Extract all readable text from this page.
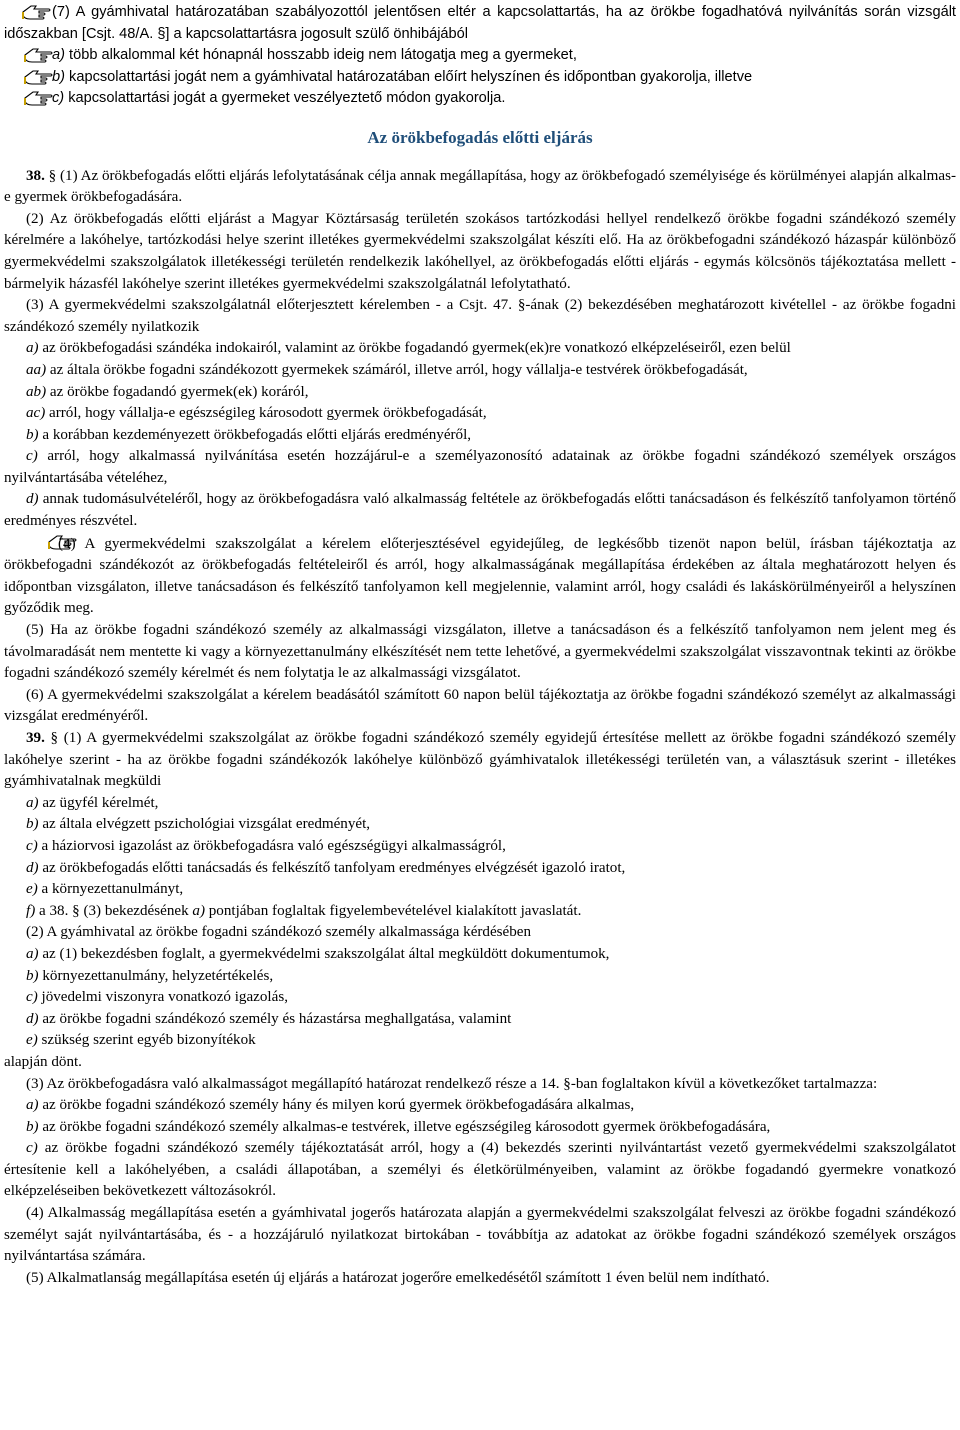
(7) A gyámhivatal határozatában szabályozottól jelentősen eltér a kapcsolattartás, ha az örökbe fogadhatóvá nyilvánítás során vizsgált időszakban [Csjt. 48/A. §] a kapcsolattartásra jogosult szülő önhibájából

a) több alkalommal két hónapnál hosszabb ideig nem látogatja meg a gyermeket,

b) kapcsolattartási jogát nem a gyámhivatal határozatában előírt helyszínen és időpontban gyakorolja, illetve

c) kapcsolattartási jogát a gyermeket veszélyeztető módon gyakorolja.

Az örökbefogadás előtti eljárás

38. § (1) Az örökbefogadás előtti eljárás lefolytatásának célja annak megállapítása, hogy az örökbefogadó személyisége és körülményei alapján alkalmas-e gyermek örökbefogadására.

(2) Az örökbefogadás előtti eljárást a Magyar Köztársaság területén szokásos tartózkodási hellyel rendelkező örökbe fogadni szándékozó személy kérelmére a lakóhelye, tartózkodási helye szerint illetékes gyermekvédelmi szakszolgálat készíti elő. Ha az örökbefogadni szándékozó házaspár különböző gyermekvédelmi szakszolgálatok illetékességi területén rendelkezik lakóhellyel, az örökbefogadás előtti eljárás - egymás kölcsönös tájékoztatása mellett - bármelyik házasfél lakóhelye szerint illetékes gyermekvédelmi szakszolgálatnál lefolytatható.

(3) A gyermekvédelmi szakszolgálatnál előterjesztett kérelemben - a Csjt. 47. §-ának (2) bekezdésében meghatározott kivétellel - az örökbe fogadni szándékozó személy nyilatkozik

a) az örökbefogadási szándéka indokairól, valamint az örökbe fogadandó gyermek(ek)re vonatkozó elképzeléseiről, ezen belül

aa) az általa örökbe fogadni szándékozott gyermekek számáról, illetve arról, hogy vállalja-e testvérek örökbefogadását,

ab) az örökbe fogadandó gyermek(ek) koráról,

ac) arról, hogy vállalja-e egészségileg károsodott gyermek örökbefogadását,

b) a korábban kezdeményezett örökbefogadás előtti eljárás eredményéről,

c) arról, hogy alkalmassá nyilvánítása esetén hozzájárul-e a személyazonosító adatainak az örökbe fogadni szándékozó személyek országos nyilvántartásába vételéhez,

d) annak tudomásulvételéről, hogy az örökbefogadásra való alkalmasság feltétele az örökbefogadás előtti tanácsadáson és felkészítő tanfolyamon történő eredményes részvétel.

(4) A gyermekvédelmi szakszolgálat a kérelem előterjesztésével egyidejűleg, de legkésőbb tizenöt napon belül, írásban tájékoztatja az örökbefogadni szándékozót az örökbefogadás feltételeiről és arról, hogy alkalmasságának megállapítása érdekében az általa meghatározott helyen és időpontban vizsgálaton, illetve tanácsadáson és felkészítő tanfolyamon kell megjelennie, valamint arról, hogy családi és lakáskörülményeiről a helyszínen győződik meg.

(5) Ha az örökbe fogadni szándékozó személy az alkalmassági vizsgálaton, illetve a tanácsadáson és a felkészítő tanfolyamon nem jelent meg és távolmaradását nem mentette ki vagy a környezettanulmány elkészítését nem tette lehetővé, a gyermekvédelmi szakszolgálat visszavontnak tekinti az örökbe fogadni szándékozó személy kérelmét és nem folytatja le az alkalmassági vizsgálatot.

(6) A gyermekvédelmi szakszolgálat a kérelem beadásától számított 60 napon belül tájékoztatja az örökbe fogadni szándékozó személyt az alkalmassági vizsgálat eredményéről.

39. § (1) A gyermekvédelmi szakszolgálat az örökbe fogadni szándékozó személy egyidejű értesítése mellett az örökbe fogadni szándékozó személy lakóhelye szerint - ha az örökbe fogadni szándékozók lakóhelye különböző gyámhivatalok illetékességi területén van, a választásuk szerint - illetékes gyámhivatalnak megküldi

a) az ügyfél kérelmét,

b) az általa elvégzett pszichológiai vizsgálat eredményét,

c) a háziorvosi igazolást az örökbefogadásra való egészségügyi alkalmasságról,

d) az örökbefogadás előtti tanácsadás és felkészítő tanfolyam eredményes elvégzését igazoló iratot,

e) a környezettanulmányt,

f) a 38. § (3) bekezdésének a) pontjában foglaltak figyelembevételével kialakított javaslatát.

(2) A gyámhivatal az örökbe fogadni szándékozó személy alkalmassága kérdésében

a) az (1) bekezdésben foglalt, a gyermekvédelmi szakszolgálat által megküldött dokumentumok,

b) környezettanulmány, helyzetértékelés,

c) jövedelmi viszonyra vonatkozó igazolás,

d) az örökbe fogadni szándékozó személy és házastársa meghallgatása, valamint

e) szükség szerint egyéb bizonyítékok

alapján dönt.

(3) Az örökbefogadásra való alkalmasságot megállapító határozat rendelkező része a 14. §-ban foglaltakon kívül a következőket tartalmazza:

a) az örökbe fogadni szándékozó személy hány és milyen korú gyermek örökbefogadására alkalmas,

b) az örökbe fogadni szándékozó személy alkalmas-e testvérek, illetve egészségileg károsodott gyermek örökbefogadására,

c) az örökbe fogadni szándékozó személy tájékoztatását arról, hogy a (4) bekezdés szerinti nyilvántartást vezető gyermekvédelmi szakszolgálatot értesítenie kell a lakóhelyében, a családi állapotában, a személyi és életkörülményeiben, valamint az örökbe fogadandó gyermekre vonatkozó elképzeléseiben bekövetkezett változásokról.

(4) Alkalmasság megállapítása esetén a gyámhivatal jogerős határozata alapján a gyermekvédelmi szakszolgálat felveszi az örökbe fogadni szándékozó személyt saját nyilvántartásába, és - a hozzájáruló nyilatkozat birtokában - továbbítja az adatokat az örökbe fogadni szándékozó személyek országos nyilvántartása számára.

(5) Alkalmatlanság megállapítása esetén új eljárás a határozat jogerőre emelkedésétől számított 1 éven belül nem indítható.
